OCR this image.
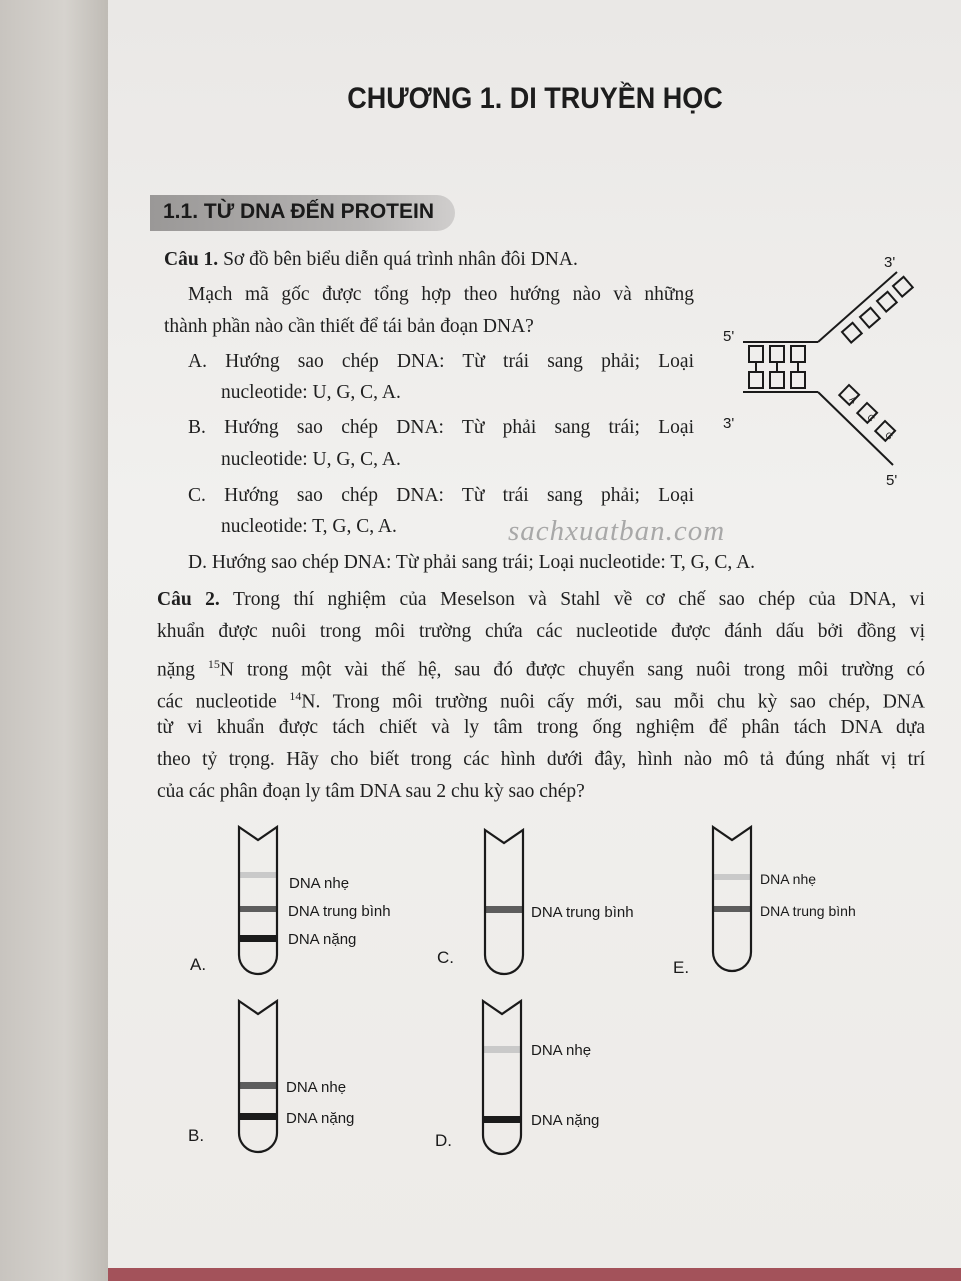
CHƯƠNG 1. DI TRUYỀN HỌC
1.1. TỪ DNA ĐẾN PROTEIN
Câu 1. Sơ đồ bên biểu diễn quá trình nhân đôi DNA.
Mạch mã gốc được tổng hợp theo hướng nào và những
thành phần nào cần thiết để tái bản đoạn DNA?
A. Hướng sao chép DNA: Từ trái sang phải; Loại
nucleotide: U, G, C, A.
B. Hướng sao chép DNA: Từ phải sang trái; Loại
nucleotide: U, G, C, A.
C. Hướng sao chép DNA: Từ trái sang phải; Loại
nucleotide: T, G, C, A.
D. Hướng sao chép DNA: Từ phải sang trái; Loại nucleotide: T, G, C, A.
A
C
G
3'
5'
3'
5'
sachxuatban.com
Câu 2. Trong thí nghiệm của Meselson và Stahl về cơ chế sao chép của DNA, vi
khuẩn được nuôi trong môi trường chứa các nucleotide được đánh dấu bởi đồng vị
nặng $^{15}$N trong một vài thế hệ, sau đó được chuyển sang nuôi trong môi trường có
các nucleotide $^{14}$N. Trong môi trường nuôi cấy mới, sau mỗi chu kỳ sao chép, DNA
từ vi khuẩn được tách chiết và ly tâm trong ống nghiệm để phân tách DNA dựa
theo tỷ trọng. Hãy cho biết trong các hình dưới đây, hình nào mô tả đúng nhất vị trí
của các phân đoạn ly tâm DNA sau 2 chu kỳ sao chép?
DNA nhẹ
DNA trung bình
DNA nặng
A.
DNA trung bình
C.
DNA nhẹ
DNA trung bình
E.
DNA nhẹ
DNA nặng
B.
DNA nhẹ
DNA nặng
D.
